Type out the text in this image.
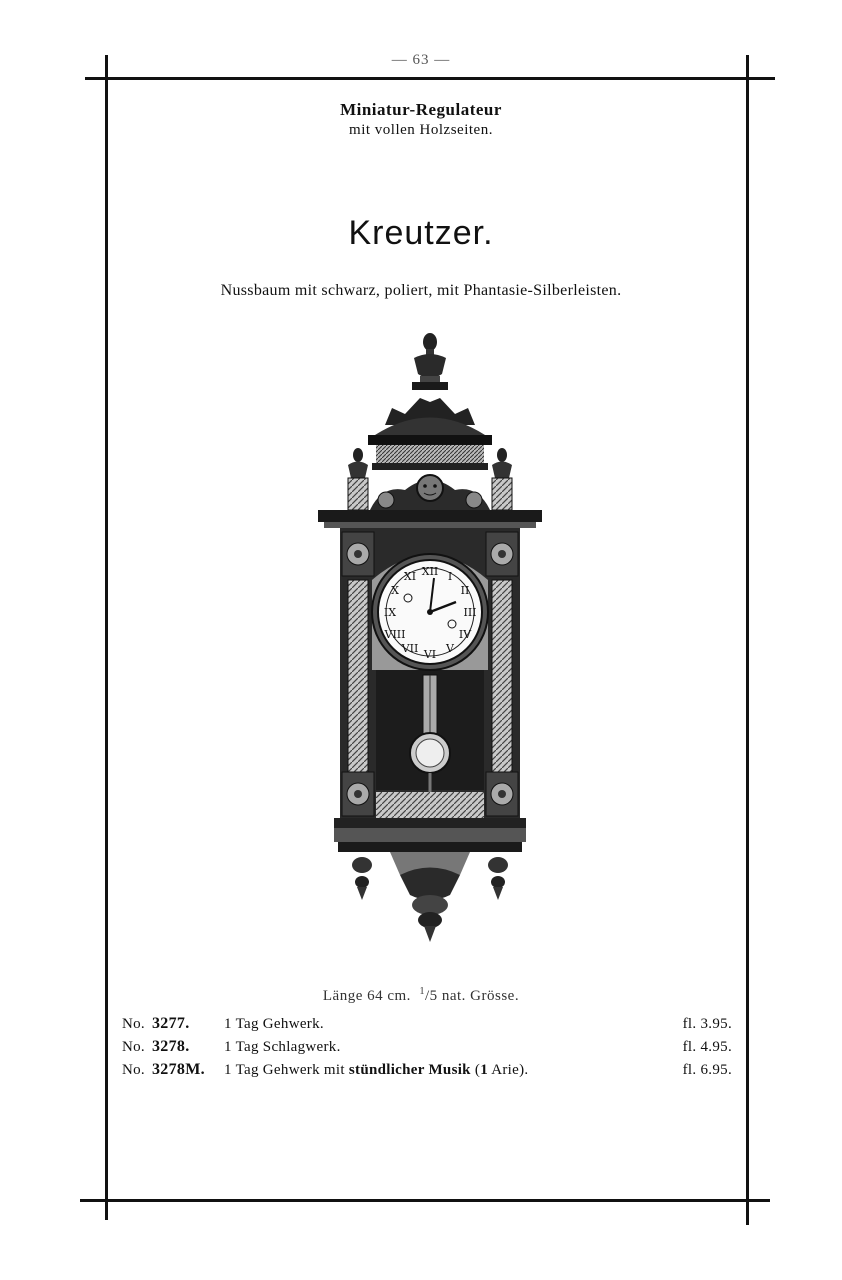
— 63 —
Miniatur-Regulateur
mit vollen Holzseiten.
Kreutzer.
Nussbaum mit schwarz, poliert, mit Phantasie-Silberleisten.
XII I
II
III
IV
V
VI
VII
VIII
IX
X
XI
Länge 64 cm. $^1$/5 nat. Grösse.
No. 3277.	1 Tag Gehwerk.	fl. 3.95.
No. 3278.	1 Tag Schlagwerk.	fl. 4.95.
No. 3278M.	1 Tag Gehwerk mit stündlicher Musik (1 Arie).	fl. 6.95.
